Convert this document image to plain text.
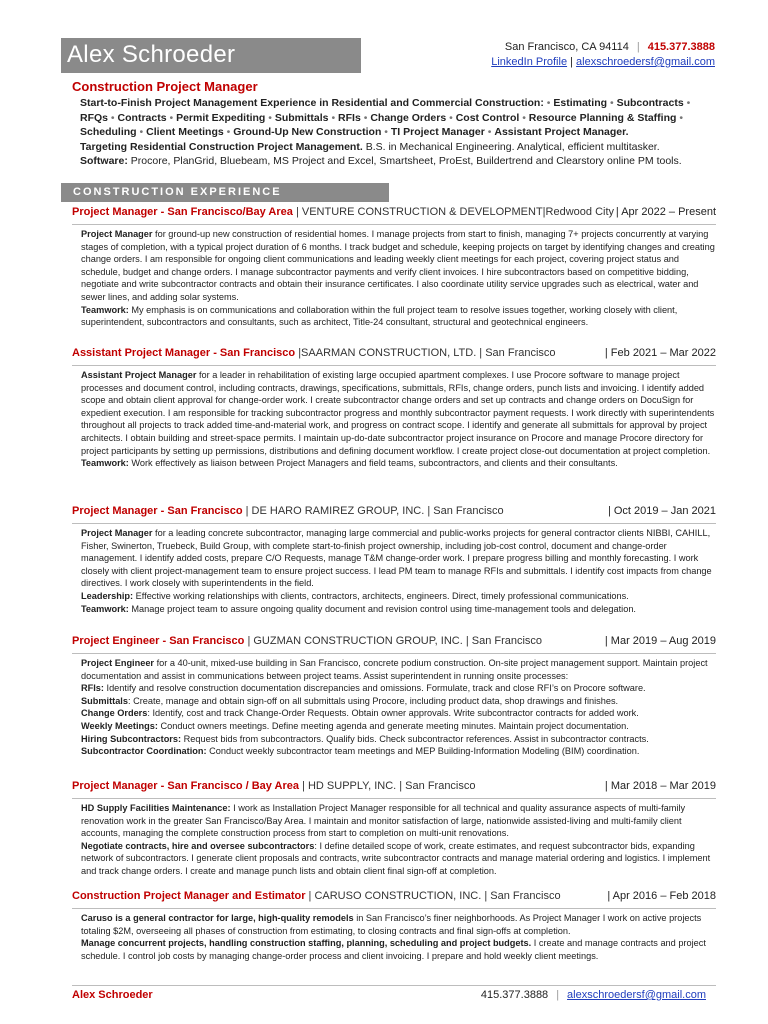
Alex Schroeder	San Francisco, CA 94114 | 415.377.3888
LinkedIn Profile | alexschroedersf@gmail.com
Construction Project Manager
Start-to-Finish Project Management Experience in Residential and Commercial Construction: • Estimating • Subcontracts • RFQs • Contracts • Permit Expediting • Submittals • RFIs • Change Orders • Cost Control • Resource Planning & Staffing • Scheduling • Client Meetings • Ground-Up New Construction • TI Project Manager • Assistant Project Manager.
Targeting Residential Construction Project Management. B.S. in Mechanical Engineering. Analytical, efficient multitasker.
Software: Procore, PlanGrid, Bluebeam, MS Project and Excel, Smartsheet, ProEst, Buildertrend and Clearstory online PM tools.
CONSTRUCTION EXPERIENCE
Project Manager - San Francisco/Bay Area | VENTURE CONSTRUCTION & DEVELOPMENT|Redwood City | Apr 2022 – Present

Project Manager for ground-up new construction of residential homes. I manage projects from start to finish, managing 7+ projects concurrently at varying stages of completion, with a typical project duration of 6 months. I track budget and schedule, keeping projects on target by identifying changes and creating change orders. I am responsible for ongoing client communications and leading weekly client meetings for each project, covering project status and schedule, budget and change orders. I manage subcontractor payments and verify client invoices. I hire subcontractors based on competitive bidding, negotiate and write subcontractor contracts and obtain their insurance certificates. I also coordinate utility service upgrades such as electrical, water and sewer lines, and adding solar systems.

Teamwork: My emphasis is on communications and collaboration within the full project team to resolve issues together, working closely with client, superintendent, subcontractors and consultants, such as architect, Title-24 consultant, structural and geotechnical engineers.

Assistant Project Manager - San Francisco |SAARMAN CONSTRUCTION, LTD. | San Francisco	| Feb 2021 – Mar 2022

Assistant Project Manager for a leader in rehabilitation of existing large occupied apartment complexes. I use Procore software to manage project processes and document control, including contracts, drawings, specifications, submittals, RFIs, change orders, punch lists and invoicing. I identify added scope and obtain client approval for change-order work. I create subcontractor change orders and set up contracts and change orders on DocuSign for expedient execution. I am responsible for tracking subcontractor progress and monthly subcontractor payment requests. I work directly with superintendents throughout all projects to track added time-and-material work, and progress on contract scope. I identify and generate all submittals for approval by project architects. I obtain building and street-space permits. I maintain up-do-date subcontractor project insurance on Procore and manage Procore directory for project participants by setting up permissions, distributions and defining document workflow. I create project close-out documentation at project completion.

Teamwork: Work effectively as liaison between Project Managers and field teams, subcontractors, and clients and their consultants.

Project Manager - San Francisco | DE HARO RAMIREZ GROUP, INC. | San Francisco	| Oct 2019 – Jan 2021

Project Manager for a leading concrete subcontractor, managing large commercial and public-works projects for general contractor clients NIBBI, CAHILL, Fisher, Swinerton, Truebeck, Build Group, with complete start-to-finish project ownership, including job-cost control, document and change-order management. I identify added costs, prepare C/O Requests, manage T&M change-order work. I prepare progress billing and monthly forecasting. I work closely with client project-management team to ensure project success. I lead PM team to manage RFIs and submittals. I identify cost impacts from change directives. I work closely with superintendents in the field.

Leadership: Effective working relationships with clients, contractors, architects, engineers. Direct, timely professional communications.

Teamwork: Manage project team to assure ongoing quality document and revision control using time-management tools and delegation.

Project Engineer - San Francisco | GUZMAN CONSTRUCTION GROUP, INC. | San Francisco	| Mar 2019 – Aug 2019

Project Engineer for a 40-unit, mixed-use building in San Francisco, concrete podium construction. On-site project management support. Maintain project documentation and assist in communications between project teams. Assist superintendent in running onsite processes:

RFIs: Identify and resolve construction documentation discrepancies and omissions. Formulate, track and close RFI’s on Procore software.

Submittals: Create, manage and obtain sign-off on all submittals using Procore, including product data, shop drawings and finishes.

Change Orders: Identify, cost and track Change-Order Requests. Obtain owner approvals. Write subcontractor contracts for added work.

Weekly Meetings: Conduct owners meetings. Define meeting agenda and generate meeting minutes. Maintain project documentation.

Hiring Subcontractors: Request bids from subcontractors. Qualify bids. Check subcontractor references. Assist in subcontractor contracts.

Subcontractor Coordination: Conduct weekly subcontractor team meetings and MEP Building-Information Modeling (BIM) coordination.

Project Manager - San Francisco / Bay Area | HD SUPPLY, INC. | San Francisco	| Mar 2018 – Mar 2019

HD Supply Facilities Maintenance: I work as Installation Project Manager responsible for all technical and quality assurance aspects of multi-family renovation work in the greater San Francisco/Bay Area. I maintain and monitor satisfaction of large, nationwide assisted-living and multi-family client accounts, managing the complete construction process from start to completion on multi-unit renovations.

Negotiate contracts, hire and oversee subcontractors: I define detailed scope of work, create estimates, and request subcontractor bids, expanding network of subcontractors. I generate client proposals and contracts, write subcontractor contracts and manage material ordering and logistics. I implement and track change orders. I create and manage punch lists and obtain client final sign-off at completion.

Construction Project Manager and Estimator | CARUSO CONSTRUCTION, INC. | San Francisco	| Apr 2016 – Feb 2018

Caruso is a general contractor for large, high-quality remodels in San Francisco’s finer neighborhoods. As Project Manager I work on active projects totaling $2M, overseeing all phases of construction from estimating, to closing contracts and final sign-offs at completion.

Manage concurrent projects, handling construction staffing, planning, scheduling and project budgets. I create and manage contracts and project schedule. I control job costs by managing change-order process and client invoicing. I prepare and hold weekly client meetings.

Alex Schroeder	415.377.3888 | alexschroedersf@gmail.com
